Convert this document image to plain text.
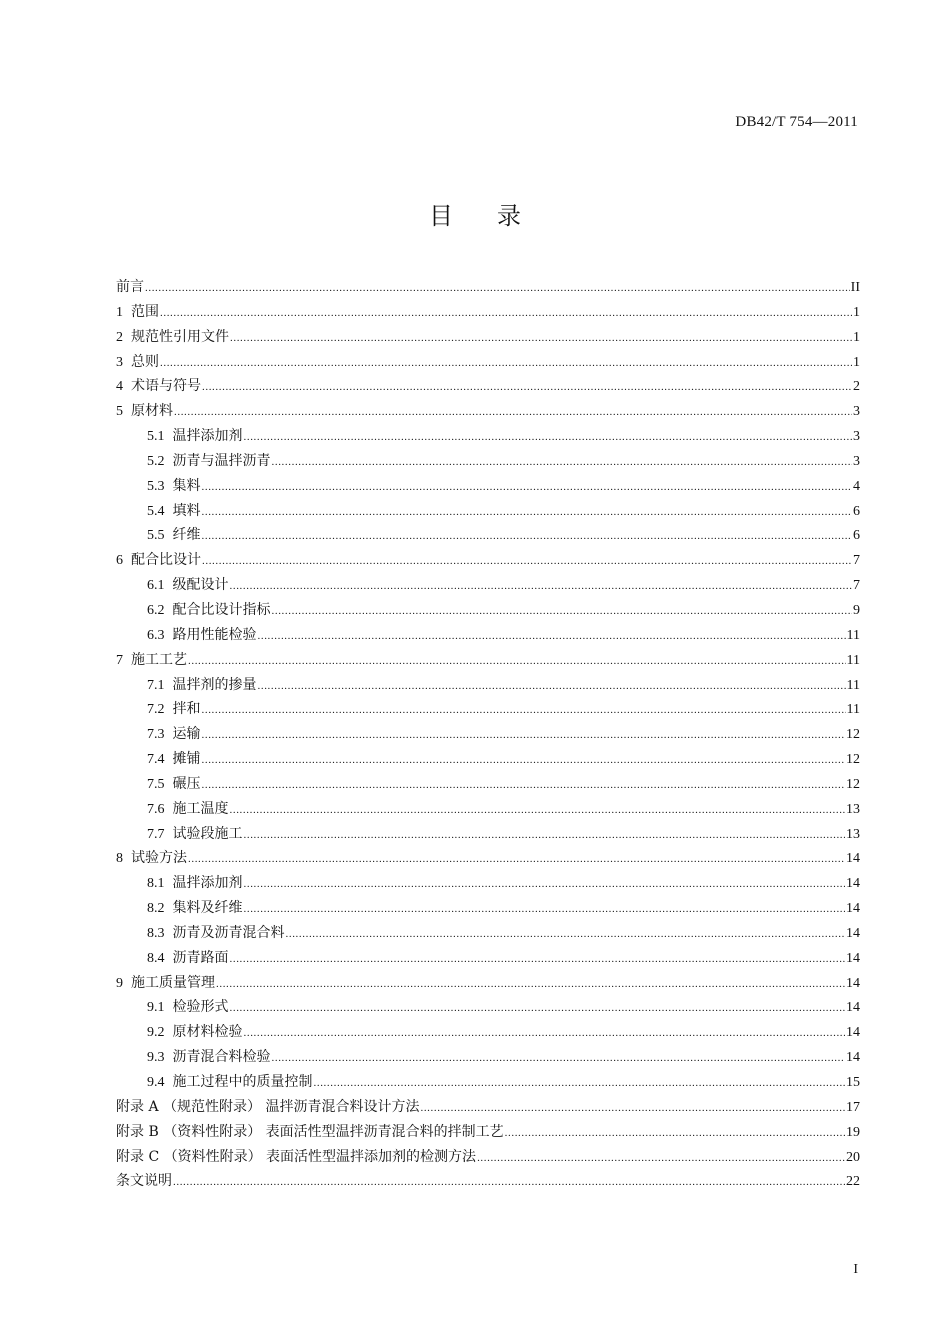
DB42/T 754—2011
目录
前言 .....	II
1 范围 .....	1
2 规范性引用文件 .....	1
3 总则 .....	1
4 术语与符号 .....	2
5 原材料 .....	3
5.1 温拌添加剂 .....	3
5.2 沥青与温拌沥青 .....	3
5.3 集料 .....	4
5.4 填料 .....	6
5.5 纤维 .....	6
6 配合比设计 .....	7
6.1 级配设计 .....	7
6.2 配合比设计指标 .....	9
6.3 路用性能检验 .....	11
7 施工工艺 .....	11
7.1 温拌剂的掺量 .....	11
7.2 拌和 .....	11
7.3 运输 .....	12
7.4 摊铺 .....	12
7.5 碾压 .....	12
7.6 施工温度 .....	13
7.7 试验段施工 .....	13
8 试验方法 .....	14
8.1 温拌添加剂 .....	14
8.2 集料及纤维 .....	14
8.3 沥青及沥青混合料 .....	14
8.4 沥青路面 .....	14
9 施工质量管理 .....	14
9.1 检验形式 .....	14
9.2 原材料检验 .....	14
9.3 沥青混合料检验 .....	14
9.4 施工过程中的质量控制 .....	15
附录 A （规范性附录） 温拌沥青混合料设计方法 .....	17
附录 B （资料性附录） 表面活性型温拌沥青混合料的拌制工艺 .....	19
附录 C （资料性附录） 表面活性型温拌添加剂的检测方法 .....	20
条文说明 .....	22
I
